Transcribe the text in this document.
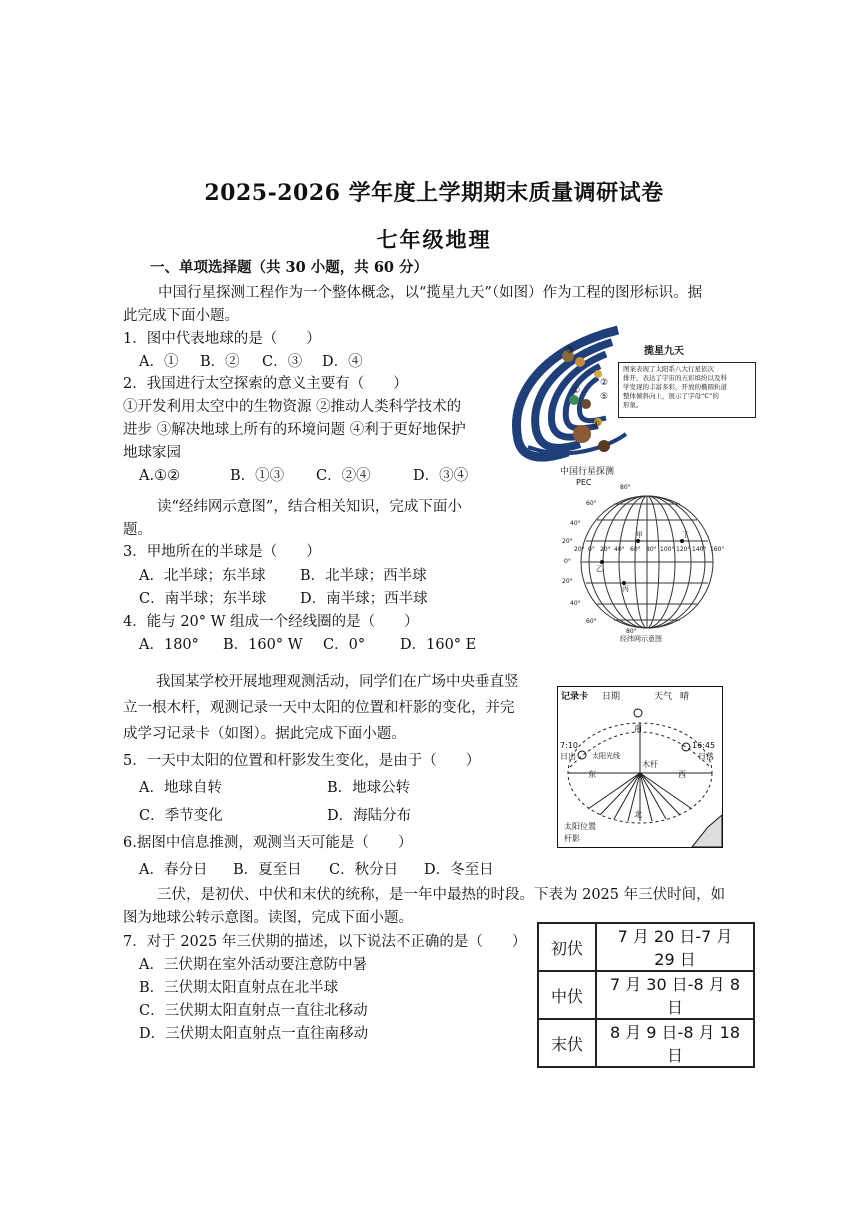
2025-2026 学年度上学期期末质量调研试卷
七年级地理
一、单项选择题（共 30 小题，共 60 分）
中国行星探测工程作为一个整体概念，以“揽星九天”（如图）作为工程的图形标识。据
此完成下面小题。
1．图中代表地球的是（　　）
A．① B．② C．③ D．④
2．我国进行太空探索的意义主要有（　　）
①开发利用太空中的生物资源 ②推动人类科学技术的
进步 ③解决地球上所有的环境问题 ④利于更好地保护
地球家园
A.①②	B．①③ C．②④	D．③④
③
②
①
⑤
④
揽星九天
图案表现了太阳系八大行星依次
排开，表达了宇宙的五彩缤纷以及科
学发现的丰富多彩，开放的椭圆轨道
整体倾斜向上，展示了字母“C”的
形象。
中国行星探测
PEC
读“经纬网示意图”，结合相关知识，完成下面小
题。
80°
60°
40°
20°
0°
20°
40°
60°
80°
20° 0° 20° 40° 60° 80° 100° 120° 140° 160°
甲
乙
丙
丁
经纬网示意图
3．甲地所在的半球是（　　）
A．北半球；东半球 B．北半球；西半球
C．南半球；东半球 D．南半球；西半球
4．能与 20° W 组成一个经线圈的是（　　）
A．180° B．160° W C．0° D．160° E
我国某学校开展地理观测活动，同学们在广场中央垂直竖
立一根木杆，观测记录一天中太阳的位置和杆影的变化，并完
成学习记录卡（如图）。据此完成下面小题。
记录卡 日期	天气 晴
南
北
东	西
7:10
日出
16:45
日落
太阳光线
木杆
太阳位置
杆影
5．一天中太阳的位置和杆影发生变化，是由于（　　）
A．地球自转	B．地球公转
C．季节变化	D．海陆分布
6.据图中信息推测，观测当天可能是（　　）
A．春分日 B．夏至日 C．秋分日 D．冬至日
三伏，是初伏、中伏和末伏的统称，是一年中最热的时段。下表为 2025 年三伏时间，如
图为地球公转示意图。读图，完成下面小题。
初伏	7 月 20 日-7 月 29 日
中伏	7 月 30 日-8 月 8 日
末伏	8 月 9 日-8 月 18 日
7．对于 2025 年三伏期的描述，以下说法不正确的是（　　）
A．三伏期在室外活动要注意防中暑
B．三伏期太阳直射点在北半球
C．三伏期太阳直射点一直往北移动
D．三伏期太阳直射点一直往南移动
